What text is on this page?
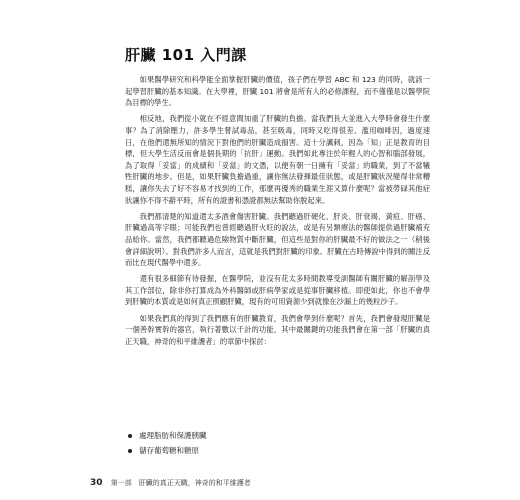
肝臟 101 入門課

如果醫學研究和科學能全面掌握肝臟的價值，孩子們在學習 ABC 和 123 的同時，就該一起學習肝臟的基本知識。在大學裡，肝臟 101 將會是所有人的必修課程，而不僅僅是以醫學院為目標的學生。

相反地，我們從小就在不經意間加重了肝臟的負擔。當我們長大並進入大學時會發生什麼事？為了消除壓力，許多學生嘗試毒品，甚至吸毒，同時又吃得很差、濫用咖啡因，過度速日，在他們還無所知的情況下對他們的肝臟造成損害。這十分諷刺，因為「知」正是教育的目標，但大學生活反而會是個長期的「抗肝」運動。我們如此專注於年輕人的心智和腦部發展，為了取得「妥當」的成績和「妥當」的文憑，以便有朝一日擁有「妥當」的職業，到了不當犧牲肝臟的地步。但是，如果肝臟負擔過重，讓你無法發揮最佳狀態，或是肝臟狀況變得非常糟糕，讓你失去了好不容易才找到的工作，那麼再優秀的職業生涯又算什麼呢？當被勞碌其他症狀讓你不得不辭平時，所有的證書和憑證都無法幫助你脫起來。

我們都清楚的知道還太多酒會傷害肝臟。我們聽過肝硬化、肝炎、肝衰竭、黃疸、肝癌、肝臟過高等字眼；可能我們也曾經聽過肝火旺的說法，或是有另類療法的醫師提供過肝臟補充品給你。當然，我們都聽過危險物質中斷肝臟，但這些是對你的肝臟最不好的做法之一（稍後會詳細說明）。對我們許多人而言，這就是我們對肝臟的印象。肝臟在古時傳說中得到的關注反而比在現代醫學中還多。

還有很多細節有待發掘，在醫學院，並沒有花太多時間教導受訓醫師有關肝臟的解剖學及其工作部位，除非你打算成為外科醫師或肝病學家或是從事肝臟移植。即使如此，你也不會學到肝臟的本質或是如何真正照顧肝臟，現有的可用資源少到就像在沙漏上的幾粒沙子。

如果我們真的得到了我們應有的肝臟教育，我們會學到什麼呢？首先，我們會發現肝臟是一個善幹實幹的器官，執行著數以千計的功能，其中最關鍵的功能我們會在第一部「肝臟的真正天職，神奇的和平維護者」的章節中探討：

處理脂肪和保護胰臟
儲存葡萄糖和糖原
30 第一部　肝臟的真正天職，神奇的和平維護者
